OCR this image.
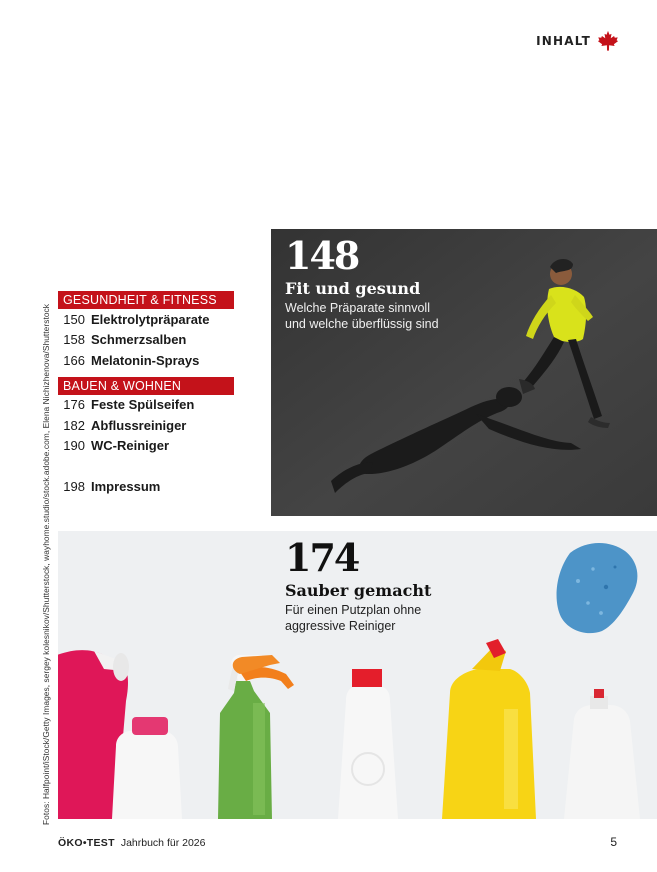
INHALT
Fotos: Halfpoint/iStock/Getty Images, sergey kolesnikov/Shutterstock, wayhome.studio/stock.adobe.com, Elena Nichizhenova/Shutterstock
GESUNDHEIT & FITNESS
150 Elektrolytpräparate
158 Schmerzsalben
166 Melatonin-Sprays
BAUEN & WOHNEN
176 Feste Spülseifen
182 Abflussreiniger
190 WC-Reiniger
198 Impressum
148
Fit und gesund
Welche Präparate sinnvoll
und welche überflüssig sind
174
Sauber gemacht
Für einen Putzplan ohne
aggressive Reiniger
ÖKO•TEST Jahrbuch für 2026	5
